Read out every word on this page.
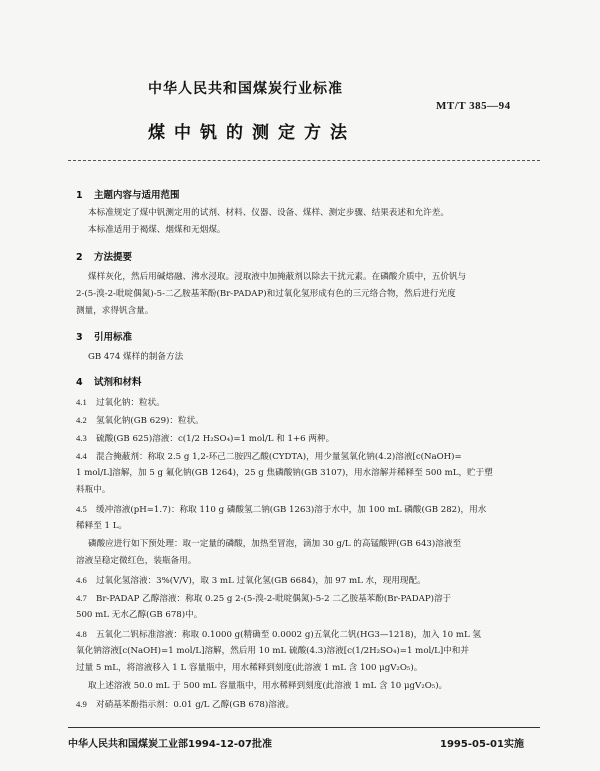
中华人民共和国煤炭行业标准
MT/T 385—94
煤中钒的测定方法
1 主题内容与适用范围
本标准规定了煤中钒测定用的试剂、材料、仪器、设备、煤样、测定步骤、结果表述和允许差。
本标准适用于褐煤、烟煤和无烟煤。
2 方法提要
煤样灰化，然后用碱熔融、沸水浸取。浸取液中加掩蔽剂以除去干扰元素。在磷酸介质中，五价钒与
2-(5-溴-2-吡啶偶氮)-5-二乙胺基苯酚(Br-PADAP)和过氧化氢形成有色的三元络合物，然后进行光度
测量，求得钒含量。
3 引用标准
GB 474 煤样的制备方法
4 试剂和材料
4.1 过氧化钠：粒状。
4.2 氢氧化钠(GB 629)：粒状。
4.3 硫酸(GB 625)溶液：c(1/2 H₂SO₄)=1 mol/L 和 1+6 两种。
4.4 混合掩蔽剂：称取 2.5 g 1,2-环己二胺四乙酸(CYDTA)，用少量氢氧化钠(4.2)溶液[c(NaOH)=
1 mol/L]溶解，加 5 g 氟化钠(GB 1264)，25 g 焦磷酸钠(GB 3107)，用水溶解并稀释至 500 mL，贮于塑
料瓶中。
4.5 缓冲溶液(pH=1.7)：称取 110 g 磷酸氢二钠(GB 1263)溶于水中，加 100 mL 磷酸(GB 282)，用水
稀释至 1 L。
磷酸应进行如下预处理：取一定量的磷酸，加热至冒泡，滴加 30 g/L 的高锰酸钾(GB 643)溶液至
溶液呈稳定微红色，装瓶备用。
4.6 过氧化氢溶液：3%(V/V)，取 3 mL 过氧化氢(GB 6684)，加 97 mL 水，现用现配。
4.7 Br-PADAP 乙醇溶液：称取 0.25 g 2-(5-溴-2-吡啶偶氮)-5-2 二乙胺基苯酚(Br-PADAP)溶于
500 mL 无水乙醇(GB 678)中。
4.8 五氧化二钒标准溶液：称取 0.1000 g(精确至 0.0002 g)五氧化二钒(HG3—1218)，加入 10 mL 氢
氧化钠溶液[c(NaOH)=1 mol/L]溶解，然后用 10 mL 硫酸(4.3)溶液[c(1/2H₂SO₄)=1 mol/L]中和并
过量 5 mL，将溶液移入 1 L 容量瓶中，用水稀释到刻度(此溶液 1 mL 含 100 μgV₂O₅)。
取上述溶液 50.0 mL 于 500 mL 容量瓶中，用水稀释到刻度(此溶液 1 mL 含 10 μgV₂O₅)。
4.9 对硝基苯酚指示剂：0.01 g/L 乙醇(GB 678)溶液。
中华人民共和国煤炭工业部1994-12-07批准	1995-05-01实施
